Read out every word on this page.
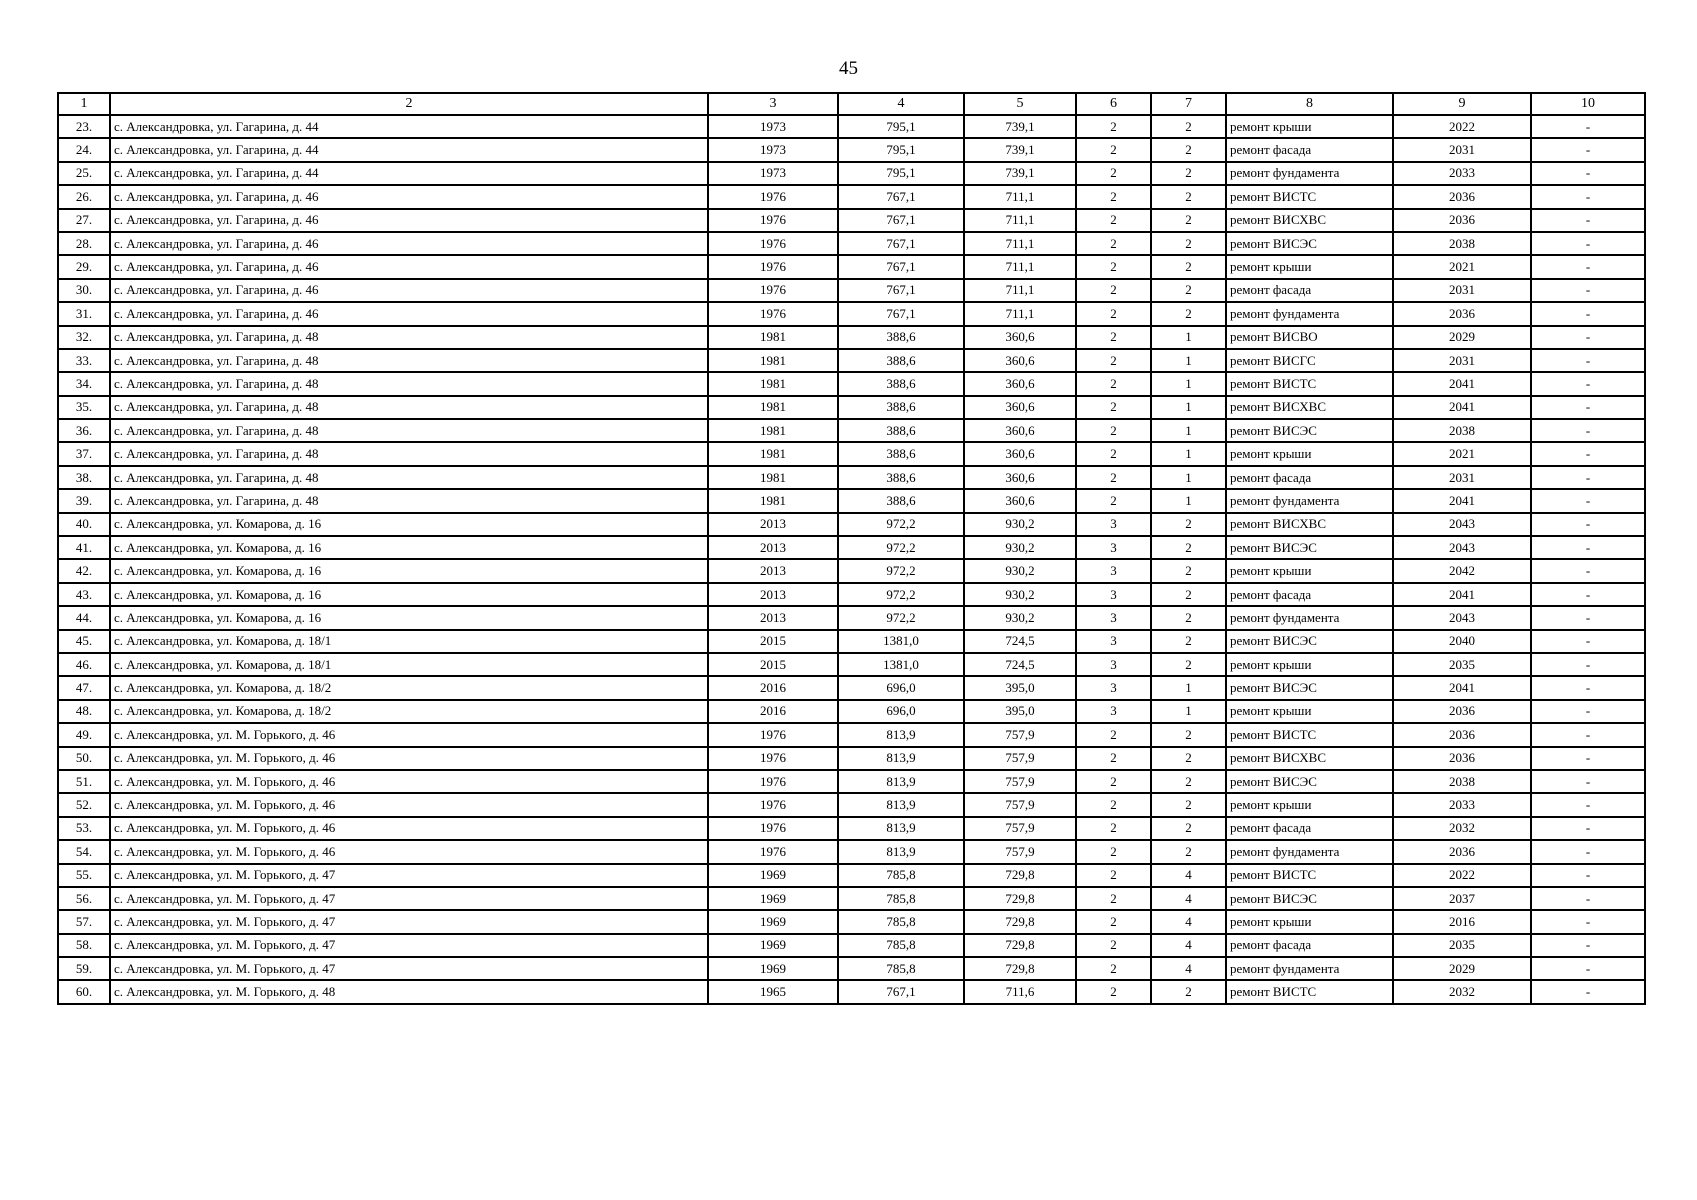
45
1	2	3	4	5	6	7	8	9	10
23.	с. Александровка, ул. Гагарина, д. 44	1973	795,1	739,1	2	2	ремонт крыши	2022	-
24.	с. Александровка, ул. Гагарина, д. 44	1973	795,1	739,1	2	2	ремонт фасада	2031	-
25.	с. Александровка, ул. Гагарина, д. 44	1973	795,1	739,1	2	2	ремонт фундамента	2033	-
26.	с. Александровка, ул. Гагарина, д. 46	1976	767,1	711,1	2	2	ремонт ВИСТС	2036	-
27.	с. Александровка, ул. Гагарина, д. 46	1976	767,1	711,1	2	2	ремонт ВИСХВС	2036	-
28.	с. Александровка, ул. Гагарина, д. 46	1976	767,1	711,1	2	2	ремонт ВИСЭС	2038	-
29.	с. Александровка, ул. Гагарина, д. 46	1976	767,1	711,1	2	2	ремонт крыши	2021	-
30.	с. Александровка, ул. Гагарина, д. 46	1976	767,1	711,1	2	2	ремонт фасада	2031	-
31.	с. Александровка, ул. Гагарина, д. 46	1976	767,1	711,1	2	2	ремонт фундамента	2036	-
32.	с. Александровка, ул. Гагарина, д. 48	1981	388,6	360,6	2	1	ремонт ВИСВО	2029	-
33.	с. Александровка, ул. Гагарина, д. 48	1981	388,6	360,6	2	1	ремонт ВИСГС	2031	-
34.	с. Александровка, ул. Гагарина, д. 48	1981	388,6	360,6	2	1	ремонт ВИСТС	2041	-
35.	с. Александровка, ул. Гагарина, д. 48	1981	388,6	360,6	2	1	ремонт ВИСХВС	2041	-
36.	с. Александровка, ул. Гагарина, д. 48	1981	388,6	360,6	2	1	ремонт ВИСЭС	2038	-
37.	с. Александровка, ул. Гагарина, д. 48	1981	388,6	360,6	2	1	ремонт крыши	2021	-
38.	с. Александровка, ул. Гагарина, д. 48	1981	388,6	360,6	2	1	ремонт фасада	2031	-
39.	с. Александровка, ул. Гагарина, д. 48	1981	388,6	360,6	2	1	ремонт фундамента	2041	-
40.	с. Александровка, ул. Комарова, д. 16	2013	972,2	930,2	3	2	ремонт ВИСХВС	2043	-
41.	с. Александровка, ул. Комарова, д. 16	2013	972,2	930,2	3	2	ремонт ВИСЭС	2043	-
42.	с. Александровка, ул. Комарова, д. 16	2013	972,2	930,2	3	2	ремонт крыши	2042	-
43.	с. Александровка, ул. Комарова, д. 16	2013	972,2	930,2	3	2	ремонт фасада	2041	-
44.	с. Александровка, ул. Комарова, д. 16	2013	972,2	930,2	3	2	ремонт фундамента	2043	-
45.	с. Александровка, ул. Комарова, д. 18/1	2015	1381,0	724,5	3	2	ремонт ВИСЭС	2040	-
46.	с. Александровка, ул. Комарова, д. 18/1	2015	1381,0	724,5	3	2	ремонт крыши	2035	-
47.	с. Александровка, ул. Комарова, д. 18/2	2016	696,0	395,0	3	1	ремонт ВИСЭС	2041	-
48.	с. Александровка, ул. Комарова, д. 18/2	2016	696,0	395,0	3	1	ремонт крыши	2036	-
49.	с. Александровка, ул. М. Горького, д. 46	1976	813,9	757,9	2	2	ремонт ВИСТС	2036	-
50.	с. Александровка, ул. М. Горького, д. 46	1976	813,9	757,9	2	2	ремонт ВИСХВС	2036	-
51.	с. Александровка, ул. М. Горького, д. 46	1976	813,9	757,9	2	2	ремонт ВИСЭС	2038	-
52.	с. Александровка, ул. М. Горького, д. 46	1976	813,9	757,9	2	2	ремонт крыши	2033	-
53.	с. Александровка, ул. М. Горького, д. 46	1976	813,9	757,9	2	2	ремонт фасада	2032	-
54.	с. Александровка, ул. М. Горького, д. 46	1976	813,9	757,9	2	2	ремонт фундамента	2036	-
55.	с. Александровка, ул. М. Горького, д. 47	1969	785,8	729,8	2	4	ремонт ВИСТС	2022	-
56.	с. Александровка, ул. М. Горького, д. 47	1969	785,8	729,8	2	4	ремонт ВИСЭС	2037	-
57.	с. Александровка, ул. М. Горького, д. 47	1969	785,8	729,8	2	4	ремонт крыши	2016	-
58.	с. Александровка, ул. М. Горького, д. 47	1969	785,8	729,8	2	4	ремонт фасада	2035	-
59.	с. Александровка, ул. М. Горького, д. 47	1969	785,8	729,8	2	4	ремонт фундамента	2029	-
60.	с. Александровка, ул. М. Горького, д. 48	1965	767,1	711,6	2	2	ремонт ВИСТС	2032	-
